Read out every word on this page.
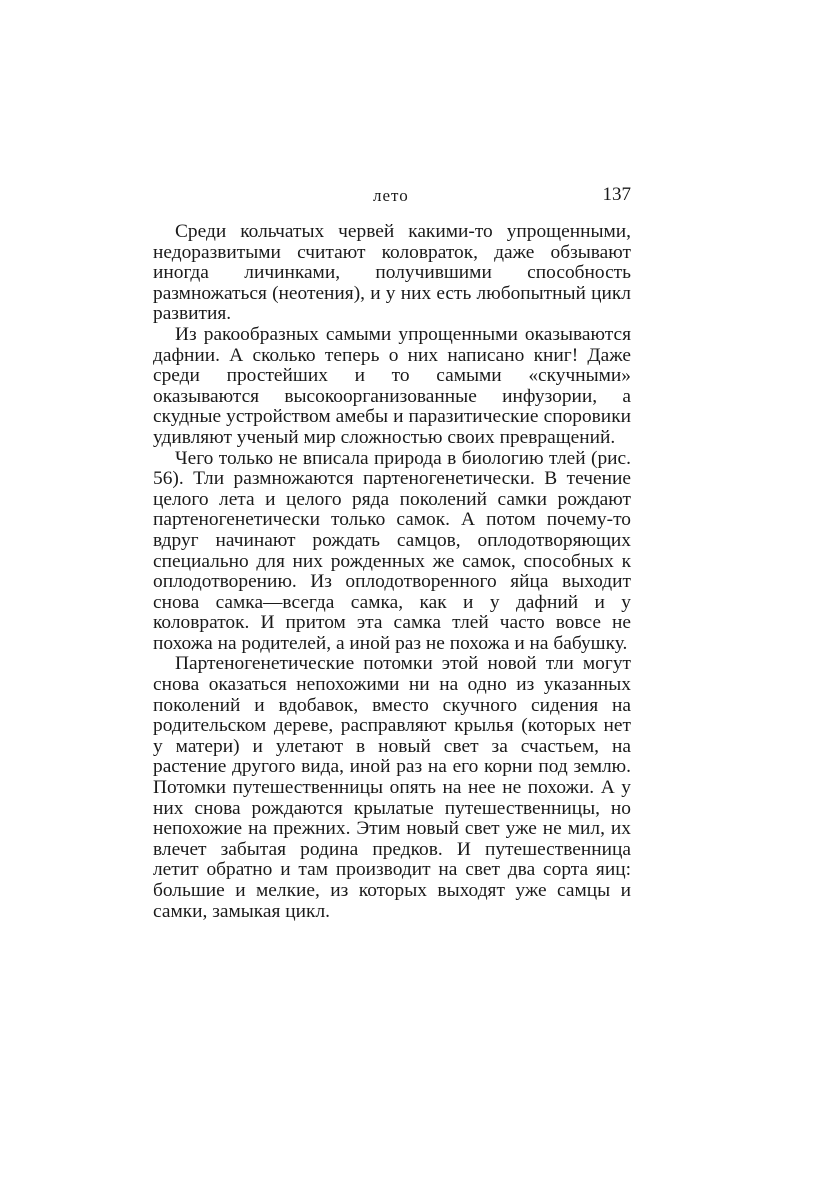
лето	137

Среди кольчатых червей какими-то упрощенными, недоразвитыми считают коловраток, даже обзывают иногда личинками, получившими способность размножаться (неотения), и у них есть любопытный цикл развития.

Из ракообразных самыми упрощенными оказываются дафнии. А сколько теперь о них написано книг! Даже среди простейших и то самыми «скучными» оказываются высокоорганизованные инфузории, а скудные устройством амебы и паразитические споровики удивляют ученый мир сложностью своих превращений.

Чего только не вписала природа в биологию тлей (рис. 56). Тли размножаются партеногенетически. В течение целого лета и целого ряда поколений самки рождают партеногенетически только самок. А потом почему-то вдруг начинают рождать самцов, оплодотворяющих специально для них рожденных же самок, способных к оплодотворению. Из оплодотворенного яйца выходит снова самка—всегда самка, как и у дафний и у коловраток. И притом эта самка тлей часто вовсе не похожа на родителей, а иной раз не похожа и на бабушку.

Партеногенетические потомки этой новой тли могут снова оказаться непохожими ни на одно из указанных поколений и вдобавок, вместо скучного сидения на родительском дереве, расправляют крылья (которых нет у матери) и улетают в новый свет за счастьем, на растение другого вида, иной раз на его корни под землю. Потомки путешественницы опять на нее не похожи. А у них снова рождаются крылатые путешественницы, но непохожие на прежних. Этим новый свет уже не мил, их влечет забытая родина предков. И путешественница летит обратно и там производит на свет два сорта яиц: большие и мелкие, из которых выходят уже самцы и самки, замыкая цикл.
